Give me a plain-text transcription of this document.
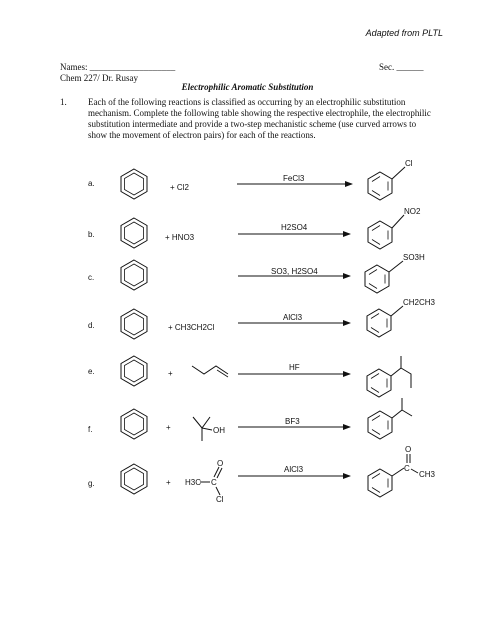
Adapted from PLTL
Names: ___________________	Sec. ______
Chem 227/ Dr. Rusay
Electrophilic Aromatic Substitution
1. Each of the following reactions is classified as occurring by an electrophilic substitution mechanism. Complete the following table showing the respective electrophile, the electrophilic substitution intermediate and provide a two-step mechanistic scheme (use curved arrows to show the movement of electron pairs) for each of the reactions.
a.	+ Cl2
FeCl3
Cl
b.	+ HNO3
H2SO4
NO2
c.
SO3, H2SO4
SO3H
d.	+ CH3CH2Cl
AlCl3
CH2CH3
e.	+
HF
f.	+	OH
BF3
g.	+ H3C C
O
Cl
AlCl3	C
O
CH3
